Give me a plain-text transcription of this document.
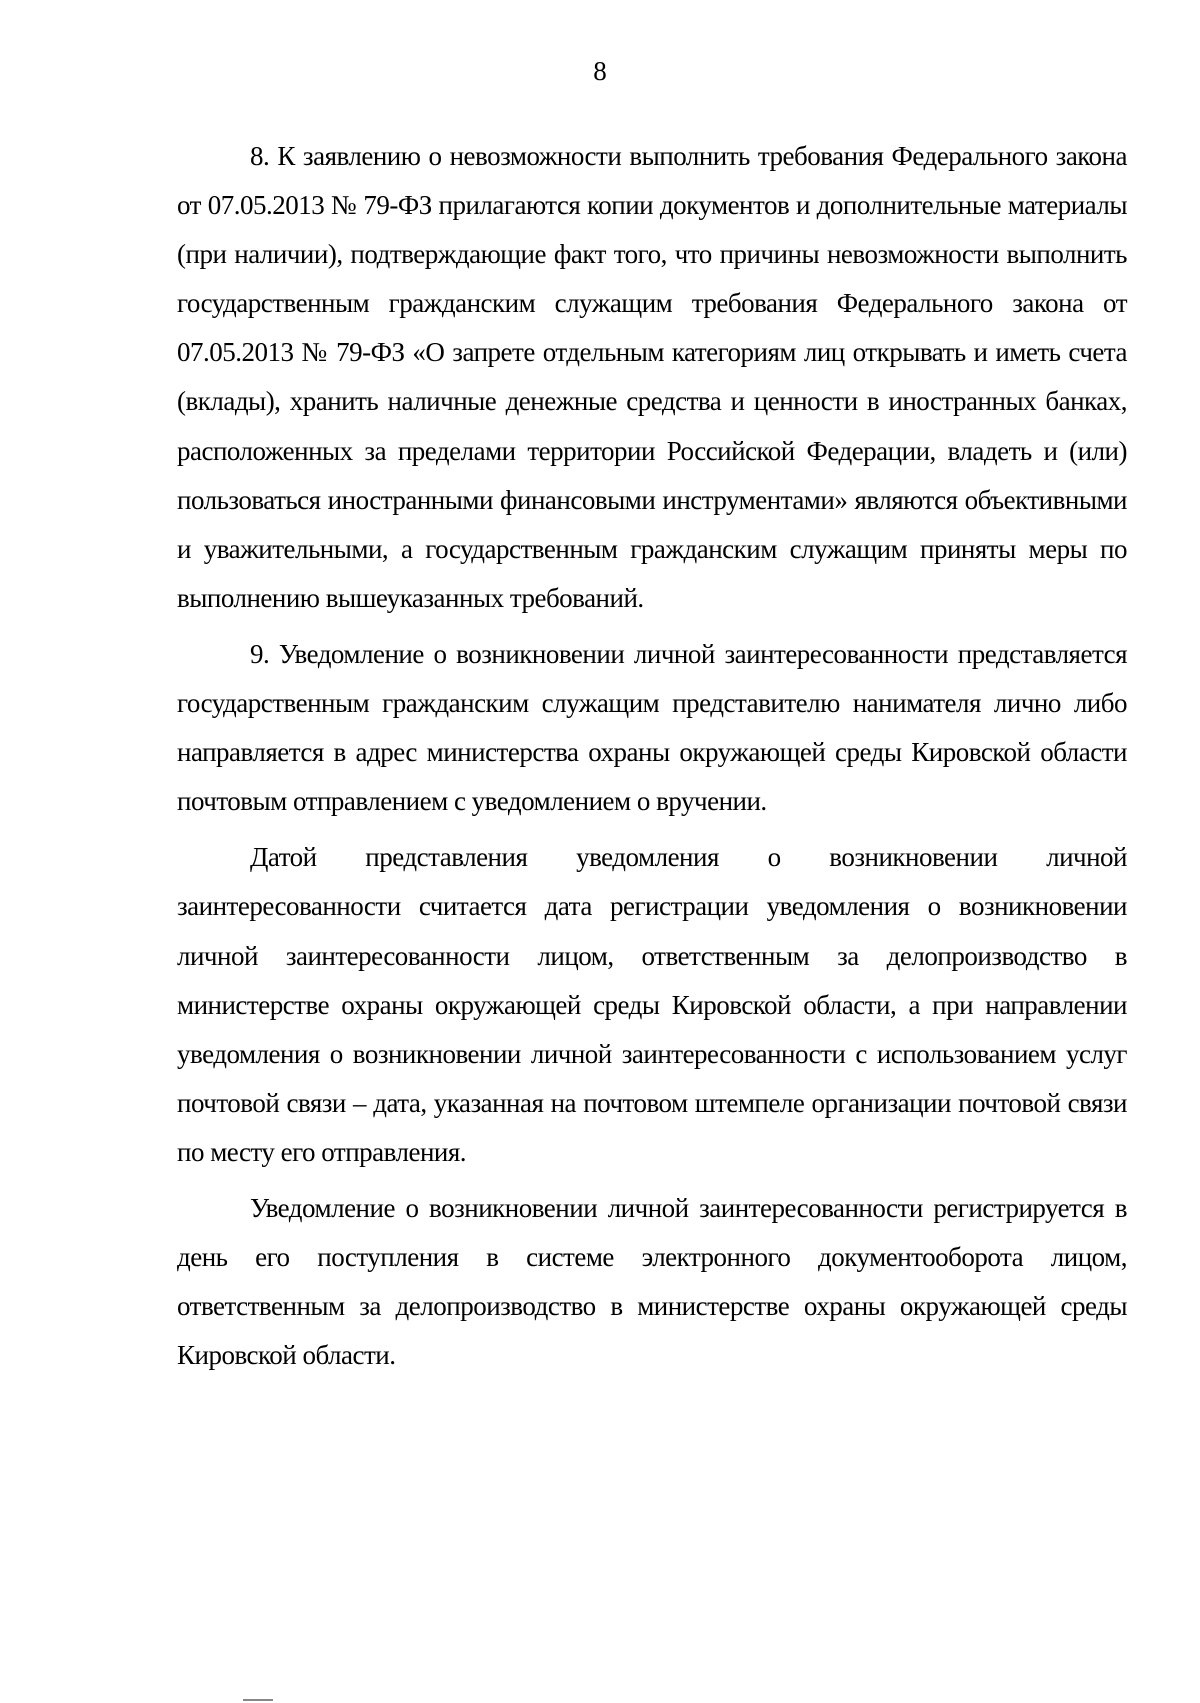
8

8. К заявлению о невозможности выполнить требования Федерального закона от 07.05.2013 № 79-ФЗ прилагаются копии документов и дополнительные материалы (при наличии), подтверждающие факт того, что причины невозможности выполнить государственным гражданским служащим требования Федерального закона от 07.05.2013 № 79-ФЗ «О запрете отдельным категориям лиц открывать и иметь счета (вклады), хранить наличные денежные средства и ценности в иностранных банках, расположенных за пределами территории Российской Федерации, владеть и (или) пользоваться иностранными финансовыми инструментами» являются объективными и уважительными, а государственным гражданским служащим приняты меры по выполнению вышеуказанных требований.

9. Уведомление о возникновении личной заинтересованности представляется государственным гражданским служащим представителю нанимателя лично либо направляется в адрес министерства охраны окружающей среды Кировской области почтовым отправлением с уведомлением о вручении.

Датой представления уведомления о возникновении личной заинтересованности считается дата регистрации уведомления о возникновении личной заинтересованности лицом, ответственным за делопроизводство в министерстве охраны окружающей среды Кировской области, а при направлении уведомления о возникновении личной заинтересованности с использованием услуг почтовой связи – дата, указанная на почтовом штемпеле организации почтовой связи по месту его отправления.

Уведомление о возникновении личной заинтересованности регистрируется в день его поступления в системе электронного документооборота лицом, ответственным за делопроизводство в министерстве охраны окружающей среды Кировской области.
